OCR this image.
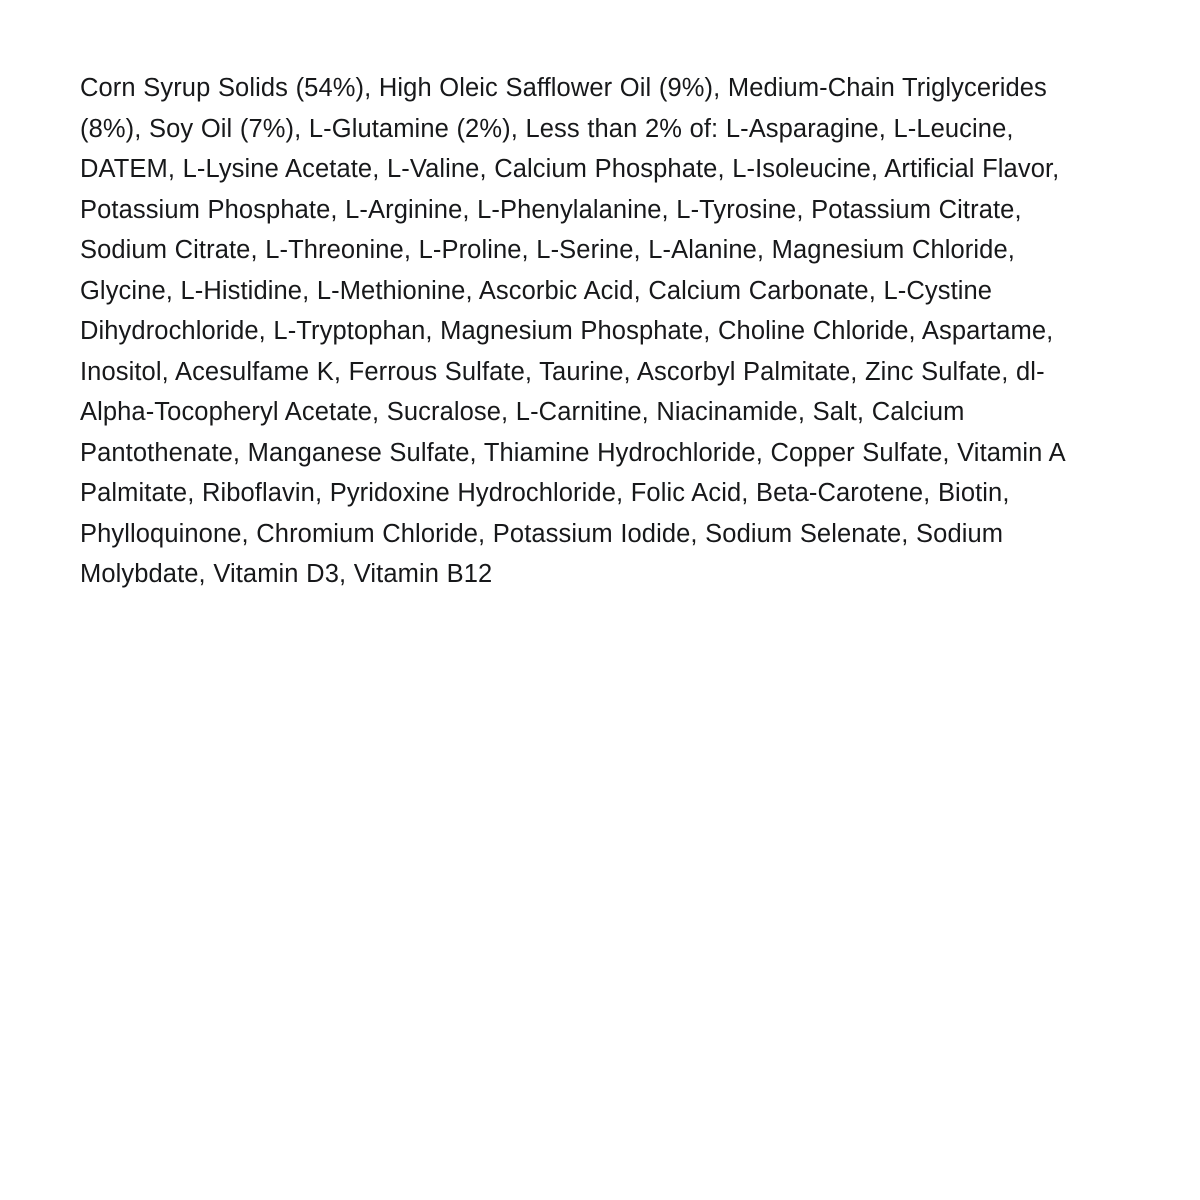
Corn Syrup Solids (54%), High Oleic Safflower Oil (9%), Medium-Chain Triglycerides (8%), Soy Oil (7%), L-Glutamine (2%), Less than 2% of: L-Asparagine, L-Leucine, DATEM, L-Lysine Acetate, L-Valine, Calcium Phosphate, L-Isoleucine, Artificial Flavor, Potassium Phosphate, L-Arginine, L-Phenylalanine, L-Tyrosine, Potassium Citrate, Sodium Citrate, L-Threonine, L-Proline, L-Serine, L-Alanine, Magnesium Chloride, Glycine, L-Histidine, L-Methionine, Ascorbic Acid, Calcium Carbonate, L-Cystine Dihydrochloride, L-Tryptophan, Magnesium Phosphate, Choline Chloride, Aspartame, Inositol, Acesulfame K, Ferrous Sulfate, Taurine, Ascorbyl Palmitate, Zinc Sulfate, dl-Alpha-Tocopheryl Acetate, Sucralose, L-Carnitine, Niacinamide, Salt, Calcium Pantothenate, Manganese Sulfate, Thiamine Hydrochloride, Copper Sulfate, Vitamin A Palmitate, Riboflavin, Pyridoxine Hydrochloride, Folic Acid, Beta-Carotene, Biotin, Phylloquinone, Chromium Chloride, Potassium Iodide, Sodium Selenate, Sodium Molybdate, Vitamin D3, Vitamin B12
